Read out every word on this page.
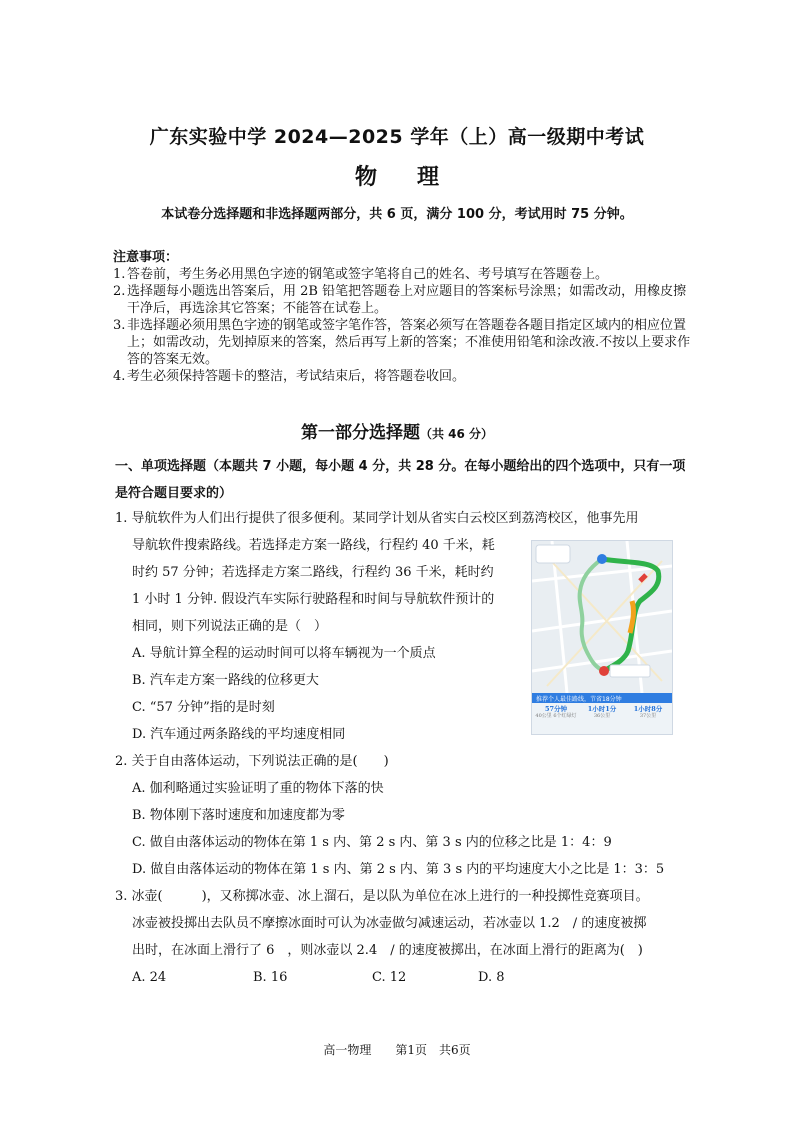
广东实验中学 2024—2025 学年（上）高一级期中考试
物理
本试卷分选择题和非选择题两部分，共 6 页，满分 100 分，考试用时 75 分钟。
注意事项：
1. 答卷前，考生务必用黑色字迹的钢笔或签字笔将自己的姓名、考号填写在答题卷上。
2. 选择题每小题选出答案后，用 2B 铅笔把答题卷上对应题目的答案标号涂黑；如需改动，用橡皮擦干净后，再选涂其它答案；不能答在试卷上。
3. 非选择题必须用黑色字迹的钢笔或签字笔作答，答案必须写在答题卷各题目指定区域内的相应位置上；如需改动，先划掉原来的答案，然后再写上新的答案；不准使用铅笔和涂改液.不按以上要求作答的答案无效。
4. 考生必须保持答题卡的整洁，考试结束后，将答题卷收回。
第一部分选择题（共 46 分）
一、单项选择题（本题共 7 小题，每小题 4 分，共 28 分。在每小题给出的四个选项中，只有一项是符合题目要求的）
1. 导航软件为人们出行提供了很多便利。某同学计划从省实白云校区到荔湾校区，他事先用
导航软件搜索路线。若选择走方案一路线，行程约 40 千米，耗
时约 57 分钟；若选择走方案二路线，行程约 36 千米，耗时约
1 小时 1 分钟. 假设汽车实际行驶路程和时间与导航软件预计的
相同，则下列说法正确的是（　）
A. 导航计算全程的运动时间可以将车辆视为一个质点
B. 汽车走方案一路线的位移更大
C. “57 分钟”指的是时刻
D. 汽车通过两条路线的平均速度相同
推荐个人最佳路线，节省18分钟
57分钟
40公里 6个红绿灯
1小时1分
36公里
1小时8分
37公里
2. 关于自由落体运动，下列说法正确的是(　　)
A. 伽利略通过实验证明了重的物体下落的快
B. 物体刚下落时速度和加速度都为零
C. 做自由落体运动的物体在第 1 s 内、第 2 s 内、第 3 s 内的位移之比是 1：4：9
D. 做自由落体运动的物体在第 1 s 内、第 2 s 内、第 3 s 内的平均速度大小之比是 1：3：5
3. 冰壶(　　　)，又称掷冰壶、冰上溜石，是以队为单位在冰上进行的一种投掷性竞赛项目。
冰壶被投掷出去队员不摩擦冰面时可认为冰壶做匀减速运动，若冰壶以 1.2　/ 的速度被掷
出时，在冰面上滑行了 6　，则冰壶以 2.4　/ 的速度被掷出，在冰面上滑行的距离为(　)
A. 24	B. 16	C. 12	D. 8
高一物理　　第1页　共6页
